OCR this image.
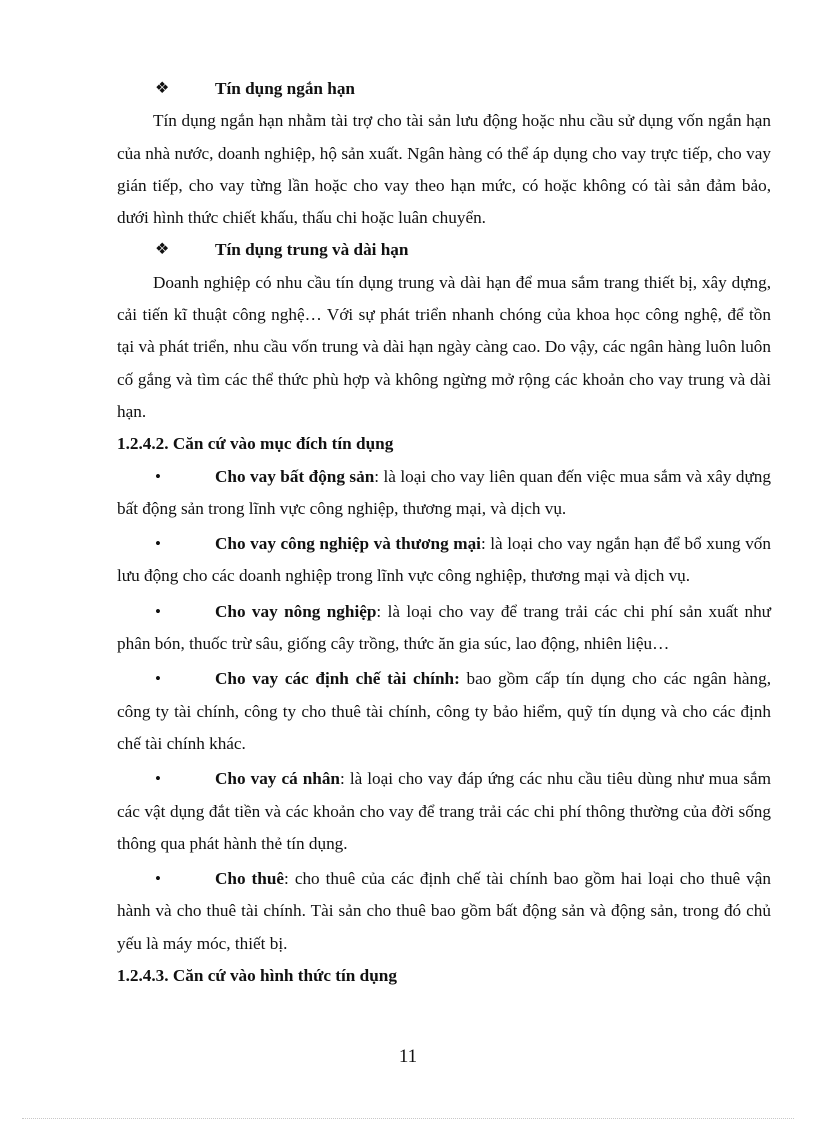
❖	Tín dụng ngắn hạn

Tín dụng ngắn hạn nhằm tài trợ cho tài sản lưu động hoặc nhu cầu sử dụng vốn ngắn hạn của nhà nước, doanh nghiệp, hộ sản xuất. Ngân hàng có thể áp dụng cho vay trực tiếp, cho vay gián tiếp, cho vay từng lần hoặc cho vay theo hạn mức, có hoặc không có tài sản đảm bảo, dưới hình thức chiết khấu, thấu chi hoặc luân chuyển.

❖	Tín dụng trung và dài hạn

Doanh nghiệp có nhu cầu tín dụng trung và dài hạn để mua sắm trang thiết bị, xây dựng, cải tiến kĩ thuật công nghệ… Với sự phát triển nhanh chóng của khoa học công nghệ, để tồn tại và phát triển, nhu cầu vốn trung và dài hạn ngày càng cao. Do vậy, các ngân hàng luôn luôn cố gắng và tìm các thể thức phù hợp và không ngừng mở rộng các khoản cho vay trung và dài hạn.

1.2.4.2. Căn cứ vào mục đích tín dụng

•	Cho vay bất động sản: là loại cho vay liên quan đến việc mua sắm và xây dựng bất động sản trong lĩnh vực công nghiệp, thương mại, và dịch vụ.

•	Cho vay công nghiệp và thương mại: là loại cho vay ngắn hạn để bổ xung vốn lưu động cho các doanh nghiệp trong lĩnh vực công nghiệp, thương mại và dịch vụ.

•	Cho vay nông nghiệp: là loại cho vay để trang trải các chi phí sản xuất như phân bón, thuốc trừ sâu, giống cây trồng, thức ăn gia súc, lao động, nhiên liệu…

•	Cho vay các định chế tài chính: bao gồm cấp tín dụng cho các ngân hàng, công ty tài chính, công ty cho thuê tài chính, công ty bảo hiểm, quỹ tín dụng và cho các định chế tài chính khác.

•	Cho vay cá nhân: là loại cho vay đáp ứng các nhu cầu tiêu dùng như mua sắm các vật dụng đắt tiền và các khoản cho vay để trang trải các chi phí thông thường của đời sống thông qua phát hành thẻ tín dụng.

•	Cho thuê: cho thuê của các định chế tài chính bao gồm hai loại cho thuê vận hành và cho thuê tài chính. Tài sản cho thuê bao gồm bất động sản và động sản, trong đó chủ yếu là máy móc, thiết bị.

1.2.4.3. Căn cứ vào hình thức tín dụng

11
